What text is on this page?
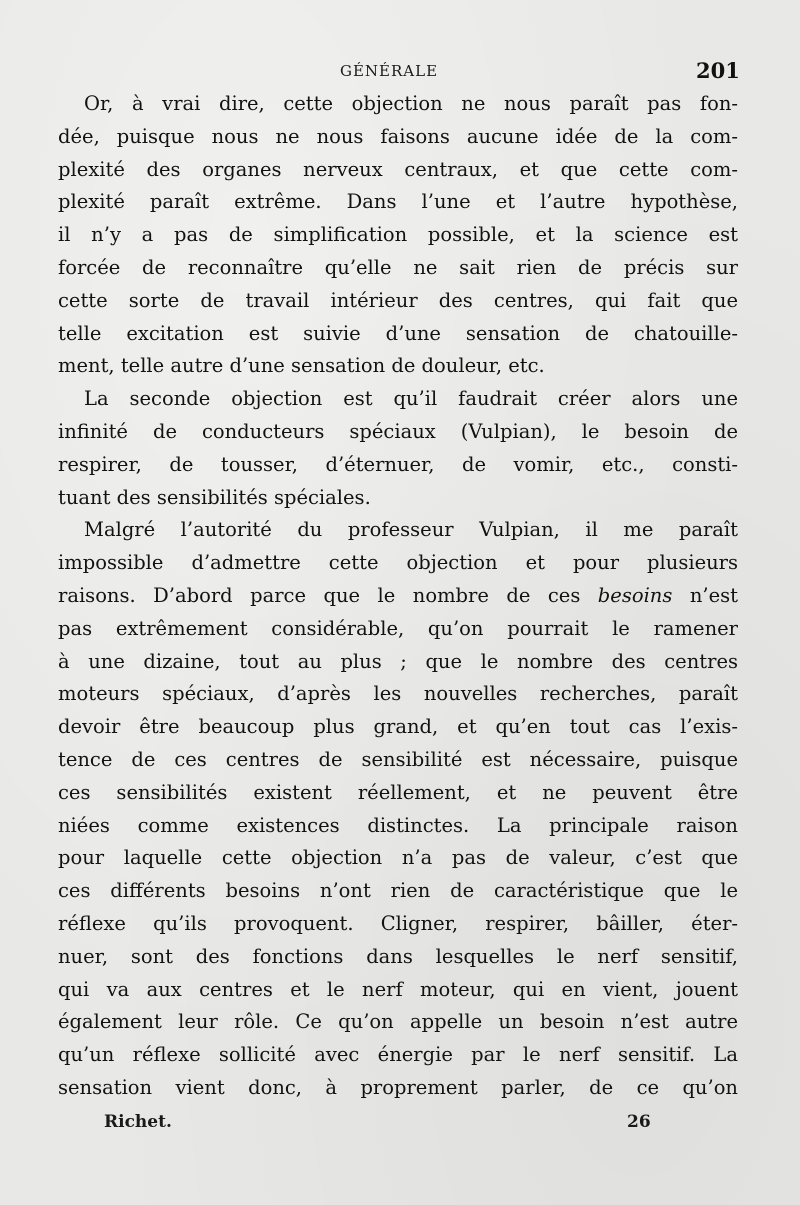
GÉNÉRALE	201
Or, à vrai dire, cette objection ne nous paraît pas fon-
dée, puisque nous ne nous faisons aucune idée de la com-
plexité des organes nerveux centraux, et que cette com-
plexité paraît extrême. Dans l’une et l’autre hypothèse,
il n’y a pas de simplification possible, et la science est
forcée de reconnaître qu’elle ne sait rien de précis sur
cette sorte de travail intérieur des centres, qui fait que
telle excitation est suivie d’une sensation de chatouille-
ment, telle autre d’une sensation de douleur, etc.
La seconde objection est qu’il faudrait créer alors une
infinité de conducteurs spéciaux (Vulpian), le besoin de
respirer, de tousser, d’éternuer, de vomir, etc., consti-
tuant des sensibilités spéciales.
Malgré l’autorité du professeur Vulpian, il me paraît
impossible d’admettre cette objection et pour plusieurs
raisons. D’abord parce que le nombre de ces besoins n’est
pas extrêmement considérable, qu’on pourrait le ramener
à une dizaine, tout au plus ; que le nombre des centres
moteurs spéciaux, d’après les nouvelles recherches, paraît
devoir être beaucoup plus grand, et qu’en tout cas l’exis-
tence de ces centres de sensibilité est nécessaire, puisque
ces sensibilités existent réellement, et ne peuvent être
niées comme existences distinctes. La principale raison
pour laquelle cette objection n’a pas de valeur, c’est que
ces différents besoins n’ont rien de caractéristique que le
réflexe qu’ils provoquent. Cligner, respirer, bâiller, éter-
nuer, sont des fonctions dans lesquelles le nerf sensitif,
qui va aux centres et le nerf moteur, qui en vient, jouent
également leur rôle. Ce qu’on appelle un besoin n’est autre
qu’un réflexe sollicité avec énergie par le nerf sensitif. La
sensation vient donc, à proprement parler, de ce qu’on
Richet.	26
